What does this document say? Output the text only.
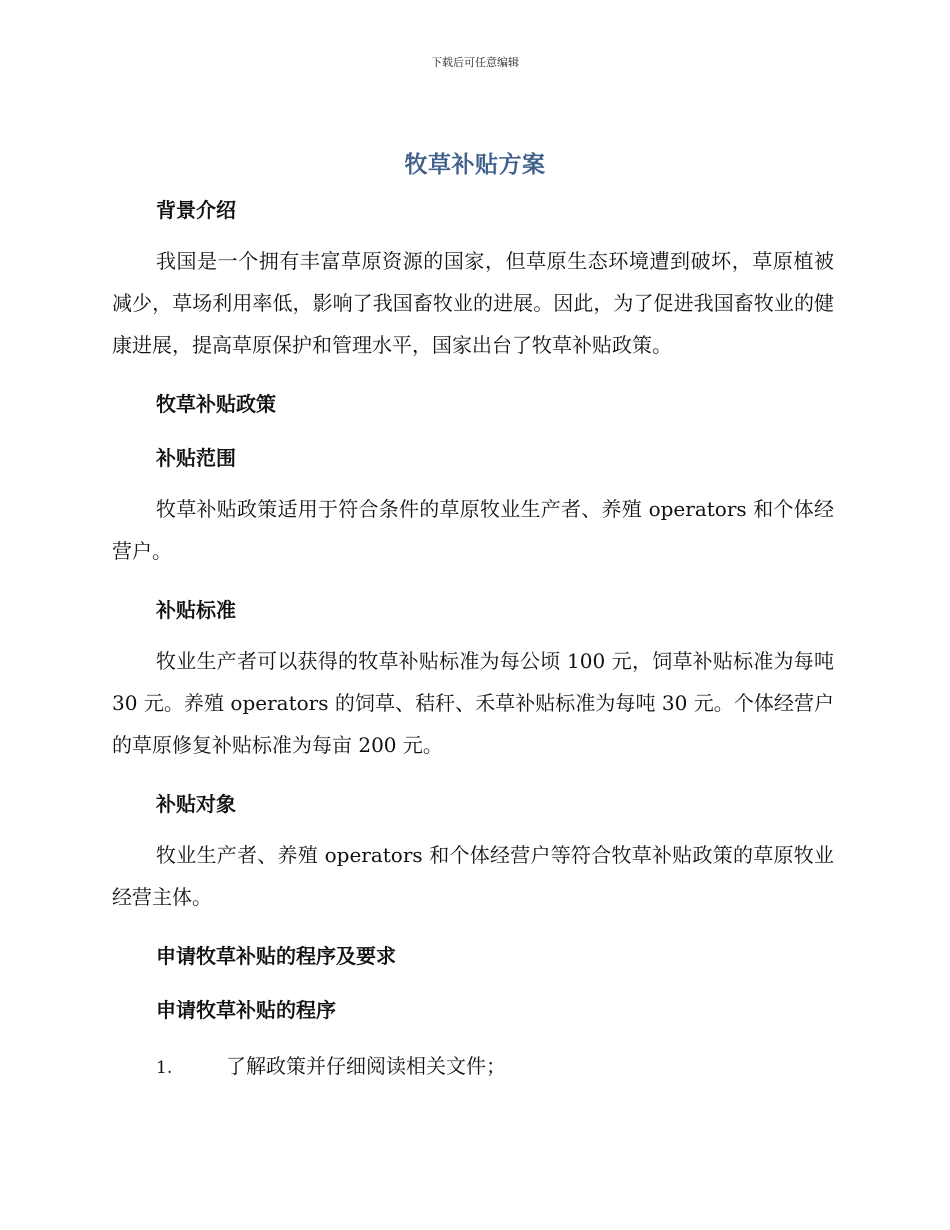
下载后可任意编辑
牧草补贴方案
背景介绍
我国是一个拥有丰富草原资源的国家，但草原生态环境遭到破坏，草原植被减少，草场利用率低，影响了我国畜牧业的进展。因此，为了促进我国畜牧业的健康进展，提高草原保护和管理水平，国家出台了牧草补贴政策。
牧草补贴政策
补贴范围
牧草补贴政策适用于符合条件的草原牧业生产者、养殖 operators 和个体经营户。
补贴标准
牧业生产者可以获得的牧草补贴标准为每公顷 100 元，饲草补贴标准为每吨 30 元。养殖 operators 的饲草、秸秆、禾草补贴标准为每吨 30 元。个体经营户的草原修复补贴标准为每亩 200 元。
补贴对象
牧业生产者、养殖 operators 和个体经营户等符合牧草补贴政策的草原牧业经营主体。
申请牧草补贴的程序及要求
申请牧草补贴的程序
1.	了解政策并仔细阅读相关文件；
